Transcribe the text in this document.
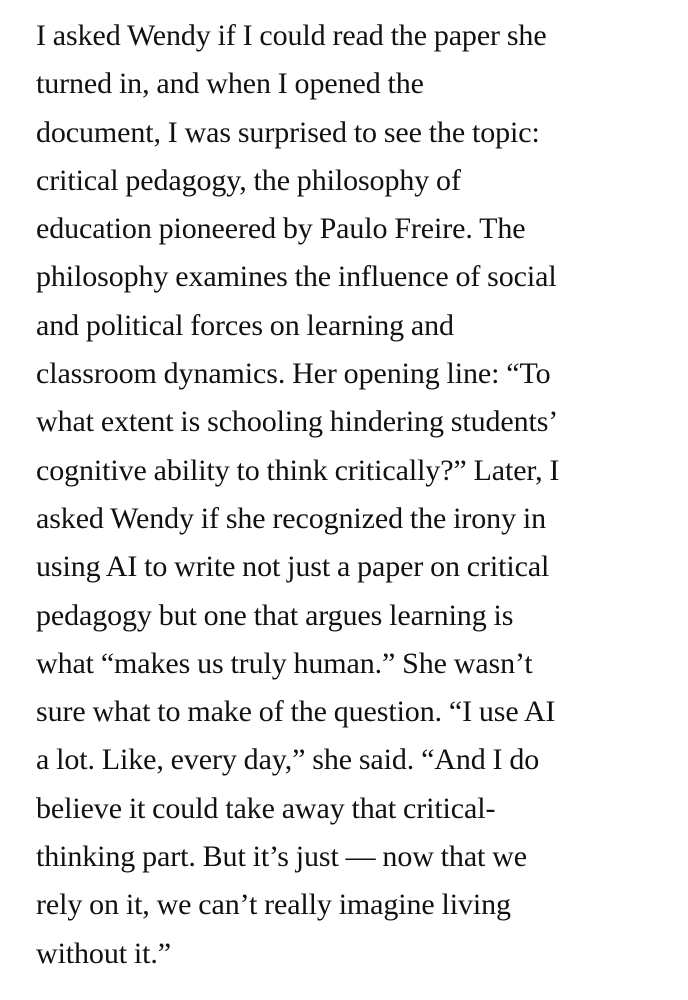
I asked Wendy if I could read the paper she
turned in, and when I opened the
document, I was surprised to see the topic:
critical pedagogy, the philosophy of
education pioneered by Paulo Freire. The
philosophy examines the influence of social
and political forces on learning and
classroom dynamics. Her opening line: “To
what extent is schooling hindering students’
cognitive ability to think critically?” Later, I
asked Wendy if she recognized the irony in
using AI to write not just a paper on critical
pedagogy but one that argues learning is
what “makes us truly human.” She wasn’t
sure what to make of the question. “I use AI
a lot. Like, every day,” she said. “And I do
believe it could take away that critical-
thinking part. But it’s just — now that we
rely on it, we can’t really imagine living
without it.”
